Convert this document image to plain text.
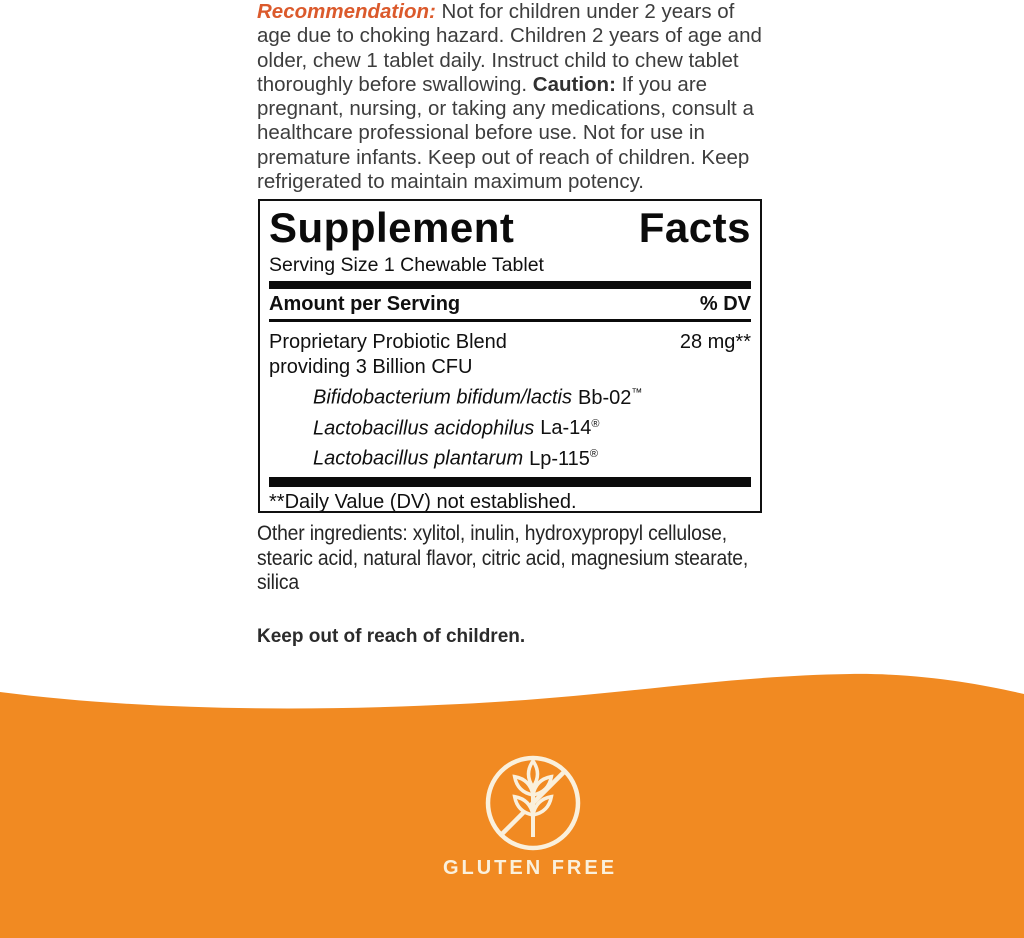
Recommendation: Not for children under 2 years of age due to choking hazard. Children 2 years of age and older, chew 1 tablet daily. Instruct child to chew tablet thoroughly before swallowing. Caution: If you are pregnant, nursing, or taking any medications, consult a healthcare professional before use. Not for use in premature infants. Keep out of reach of children. Keep refrigerated to maintain maximum potency.

Supplement Facts
Serving Size 1 Chewable Tablet
Amount per Serving	% DV
Proprietary Probiotic Blend	28 mg**
providing 3 Billion CFU
Bifidobacterium bifidum/lactis Bb-02™
Lactobacillus acidophilus La-14®
Lactobacillus plantarum Lp-115®
**Daily Value (DV) not established.

Other ingredients: xylitol, inulin, hydroxypropyl cellulose, stearic acid, natural flavor, citric acid, magnesium stearate, silica

Keep out of reach of children.

GLUTEN FREE
